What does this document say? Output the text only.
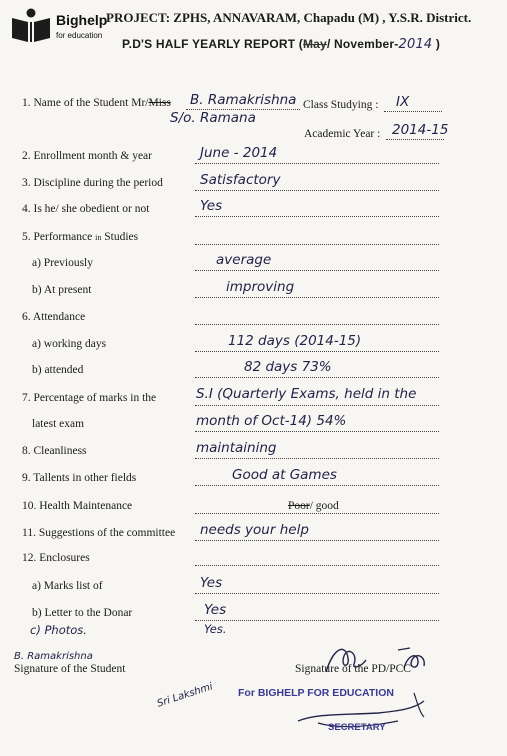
Bighelp
for education
PROJECT: ZPHS, ANNAVARAM, Chapadu (M) , Y.S.R. District.
P.D'S HALF YEARLY REPORT (May/ November-2014 )
1. Name of the Student Mr/Miss B. Ramakrishna
S/o. Ramana
Class Studying : IX
Academic Year : 2014-15
2. Enrollment month & year	June - 2014
3. Discipline during the period	Satisfactory
4. Is he/ she obedient or not	Yes
5. Performance in Studies
a) Previously	average
b) At present	improving
6. Attendance
a) working days	112 days (2014-15)
b) attended	82 days 73%
7. Percentage of marks in the
latest exam
S.I (Quarterly Exams, held in the
month of Oct-14) 54%
8. Cleanliness	maintaining
9. Tallents in other fields	Good at Games
10. Health Maintenance	Poor/ good
11. Suggestions of the committee needs your help
12. Enclosures
a) Marks list of	Yes
b) Letter to the Donar	Yes
c) Photos.	Yes.
B. Ramakrishna
Signature of the Student	Signature of the PD/PCC
Sri Lakshmi For BIGHELP FOR EDUCATION
SECRETARY
